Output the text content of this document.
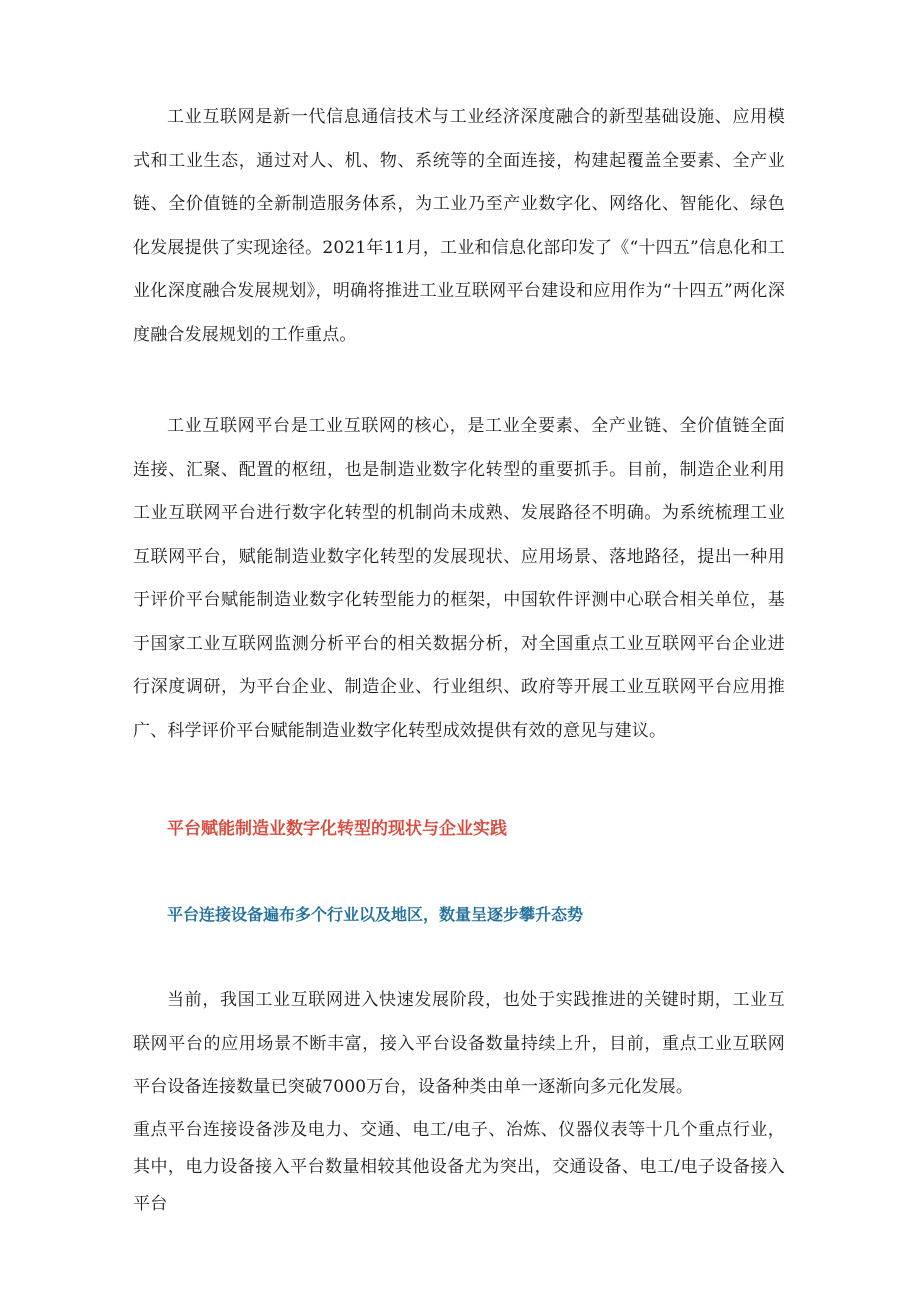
工业互联网是新一代信息通信技术与工业经济深度融合的新型基础设施、应用模式和工业生态，通过对人、机、物、系统等的全面连接，构建起覆盖全要素、全产业链、全价值链的全新制造服务体系，为工业乃至产业数字化、网络化、智能化、绿色化发展提供了实现途径。2021年11月，工业和信息化部印发了《“十四五”信息化和工业化深度融合发展规划》，明确将推进工业互联网平台建设和应用作为“十四五”两化深度融合发展规划的工作重点。

工业互联网平台是工业互联网的核心，是工业全要素、全产业链、全价值链全面连接、汇聚、配置的枢纽，也是制造业数字化转型的重要抓手。目前，制造企业利用工业互联网平台进行数字化转型的机制尚未成熟、发展路径不明确。为系统梳理工业互联网平台，赋能制造业数字化转型的发展现状、应用场景、落地路径，提出一种用于评价平台赋能制造业数字化转型能力的框架，中国软件评测中心联合相关单位，基于国家工业互联网监测分析平台的相关数据分析，对全国重点工业互联网平台企业进行深度调研，为平台企业、制造企业、行业组织、政府等开展工业互联网平台应用推广、科学评价平台赋能制造业数字化转型成效提供有效的意见与建议。

平台赋能制造业数字化转型的现状与企业实践
平台连接设备遍布多个行业以及地区，数量呈逐步攀升态势

当前，我国工业互联网进入快速发展阶段，也处于实践推进的关键时期，工业互联网平台的应用场景不断丰富，接入平台设备数量持续上升，目前，重点工业互联网平台设备连接数量已突破7000万台，设备种类由单一逐渐向多元化发展。

重点平台连接设备涉及电力、交通、电工/电子、冶炼、仪器仪表等十几个重点行业，其中，电力设备接入平台数量相较其他设备尤为突出，交通设备、电工/电子设备接入平台
